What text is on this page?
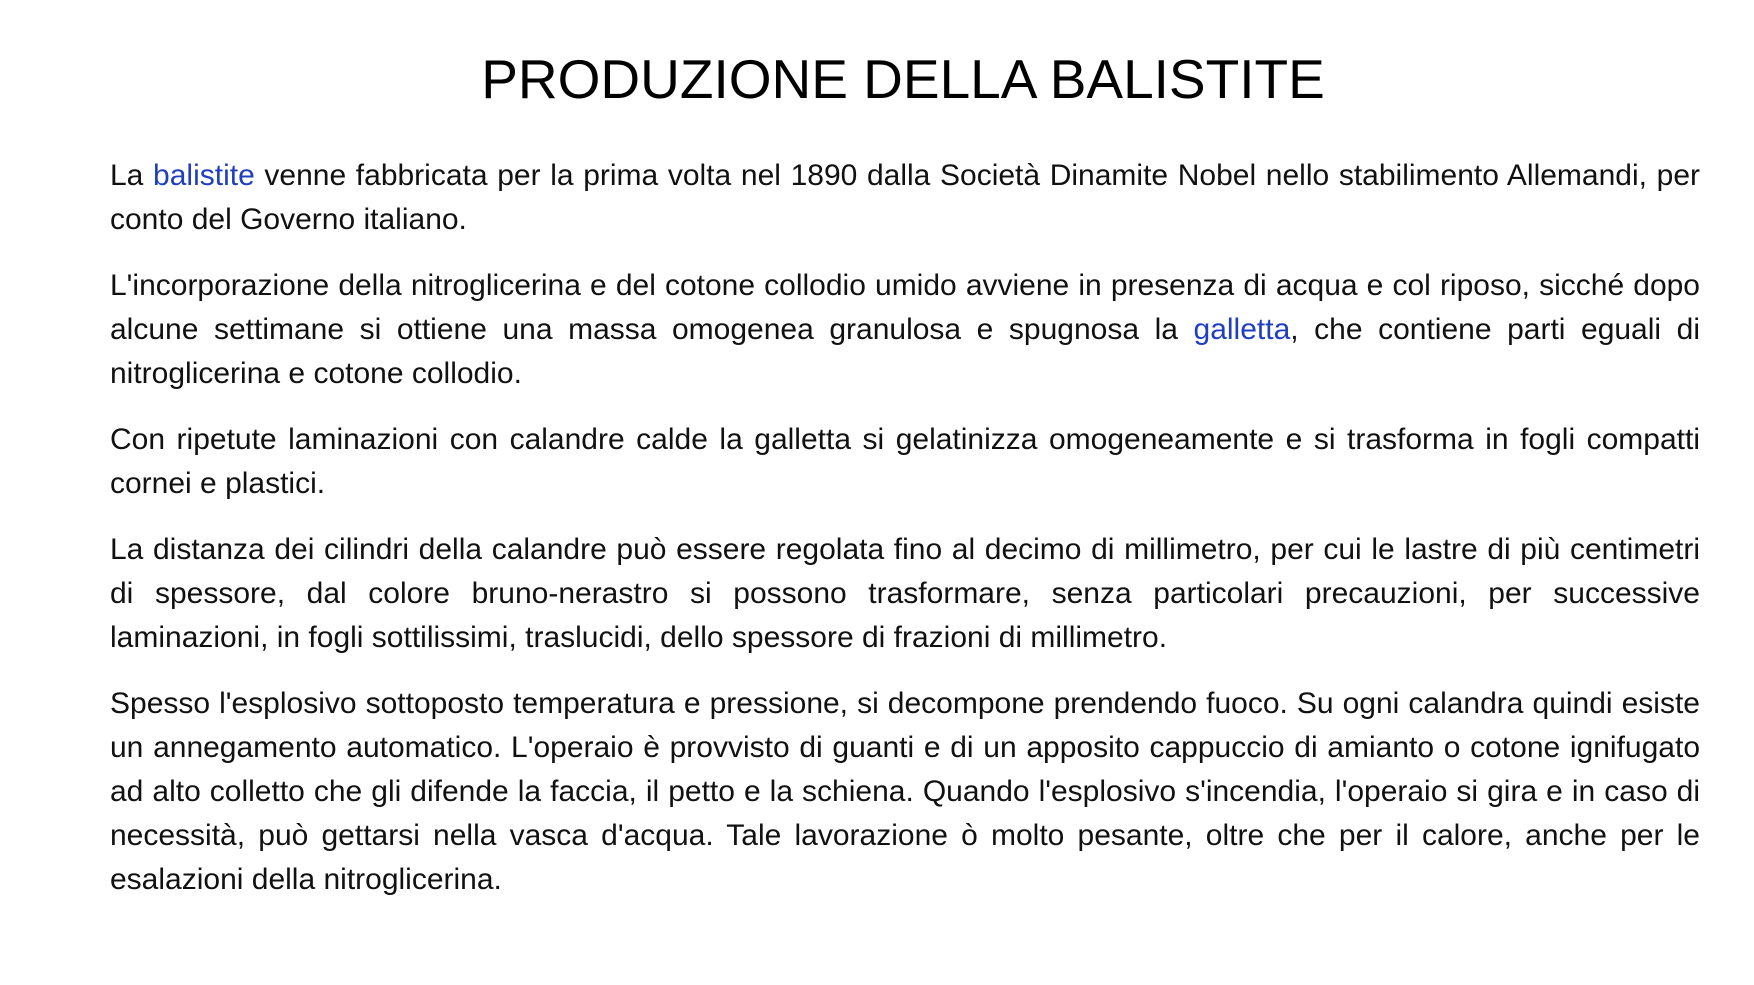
PRODUZIONE DELLA BALISTITE

La balistite venne fabbricata per la prima volta nel 1890 dalla Società Dinamite Nobel nello stabilimento Allemandi, per conto del Governo italiano.

L'incorporazione della nitroglicerina e del cotone collodio umido avviene in presenza di acqua e col riposo, sicché dopo alcune settimane si ottiene una massa omogenea granulosa e spugnosa la galletta, che contiene parti eguali di nitroglicerina e cotone collodio.

Con ripetute laminazioni con calandre calde la galletta si gelatinizza omogeneamente e si trasforma in fogli compatti cornei e plastici.

La distanza dei cilindri della calandre può essere regolata fino al decimo di millimetro, per cui le lastre di più centimetri di spessore, dal colore bruno-nerastro si possono trasformare, senza particolari precauzioni, per successive laminazioni, in fogli sottilissimi, traslucidi, dello spessore di frazioni di millimetro.

Spesso l'esplosivo sottoposto temperatura e pressione, si decompone prendendo fuoco. Su ogni calandra quindi esiste un annegamento automatico. L'operaio è provvisto di guanti e di un apposito cappuccio di amianto o cotone ignifugato ad alto colletto che gli difende la faccia, il petto e la schiena. Quando l'esplosivo s'incendia, l'operaio si gira e in caso di necessità, può gettarsi nella vasca d'acqua. Tale lavorazione ò molto pesante, oltre che per il calore, anche per le esalazioni della nitroglicerina.
